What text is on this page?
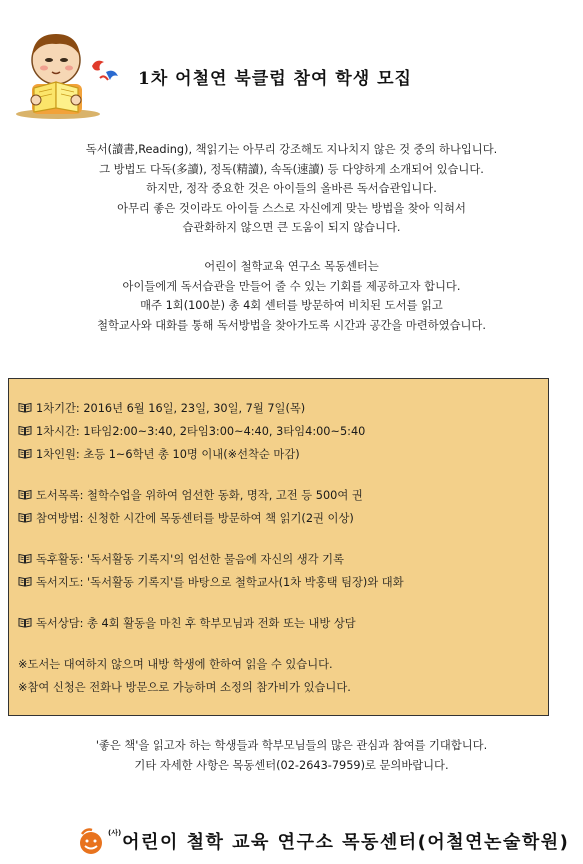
1차 어철연 북클럽 참여 학생 모집

독서(讀書,Reading), 책읽기는 아무리 강조해도 지나치지 않은 것 중의 하나입니다.

그 방법도 다독(多讀), 정독(精讀), 속독(速讀) 등 다양하게 소개되어 있습니다.

하지만, 정작 중요한 것은 아이들의 올바른 독서습관입니다.

아무리 좋은 것이라도 아이들 스스로 자신에게 맞는 방법을 찾아 익혀서

습관화하지 않으면 큰 도움이 되지 않습니다.

어린이 철학교육 연구소 목동센터는

아이들에게 독서습관을 만들어 줄 수 있는 기회를 제공하고자 합니다.

매주 1회(100분) 총 4회 센터를 방문하여 비치된 도서를 읽고

철학교사와 대화를 통해 독서방법을 찾아가도록 시간과 공간을 마련하였습니다.

1차기간: 2016년 6월 16일, 23일, 30일, 7월 7일(목)
1차시간: 1타임2:00~3:40, 2타임3:00~4:40, 3타임4:00~5:40
1차인원: 초등 1~6학년 총 10명 이내(※선착순 마감)
도서목록: 철학수업을 위하여 엄선한 동화, 명작, 고전 등 500여 권
참여방법: 신청한 시간에 목동센터를 방문하여 책 읽기(2권 이상)
독후활동: '독서활동 기록지'의 엄선한 물음에 자신의 생각 기록
독서지도: '독서활동 기록지'를 바탕으로 철학교사(1차 박홍택 팀장)와 대화
독서상담: 총 4회 활동을 마친 후 학부모님과 전화 또는 내방 상담
※도서는 대여하지 않으며 내방 학생에 한하여 읽을 수 있습니다.
※참여 신청은 전화나 방문으로 가능하며 소정의 참가비가 있습니다.

'좋은 책'을 읽고자 하는 학생들과 학부모님들의 많은 관심과 참여를 기대합니다.

기타 자세한 사항은 목동센터(02-2643-7959)로 문의바랍니다.

$^{(사)}$어린이 철학 교육 연구소 목동센터(어철연논술학원)
